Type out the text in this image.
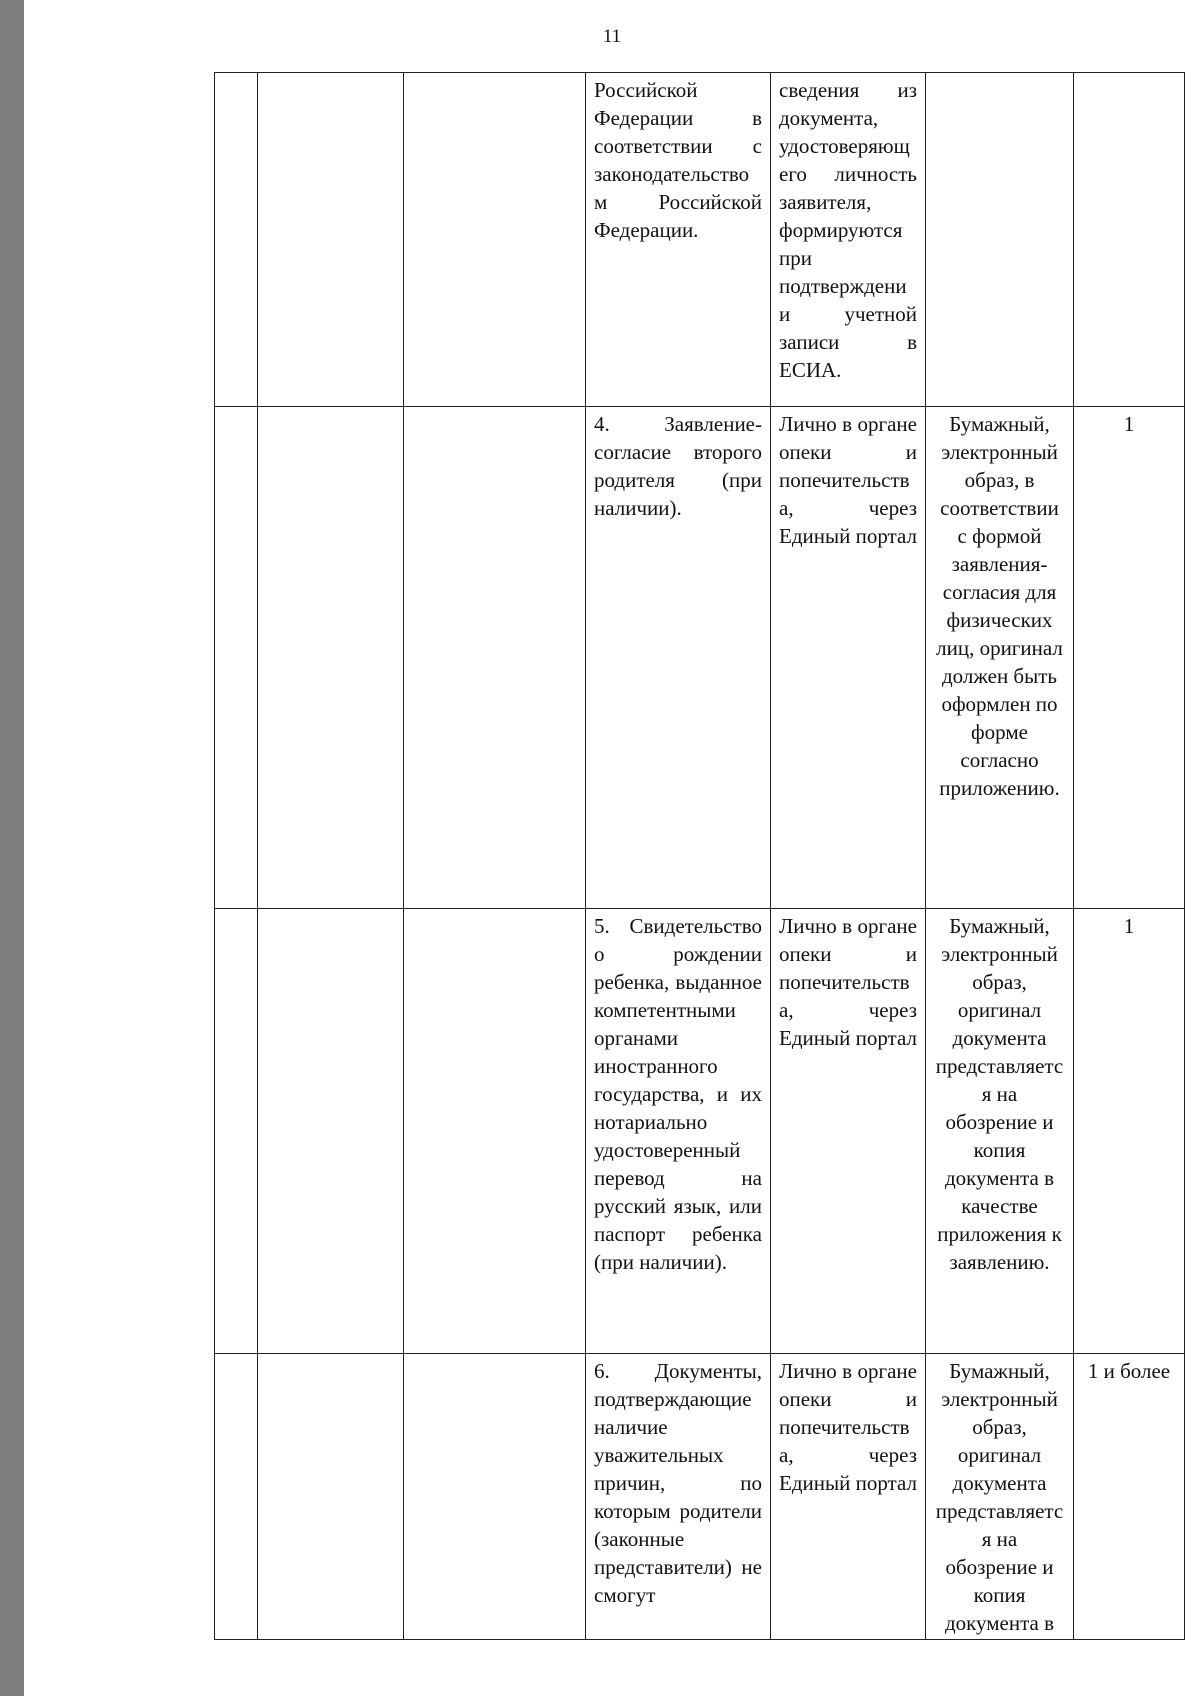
11
			Российской Федерации в соответствии с законодательством Российской Федерации.	сведения из документа, удостоверяющего личность заявителя, формируются при подтверждении учетной записи в ЕСИА.		
			4. Заявление-согласие второго родителя (при наличии).	Лично в органе опеки и попечительства, через Единый портал	Бумажный, электронный образ, в соответствии с формой заявления-согласия для физических лиц, оригинал должен быть оформлен по форме согласно приложению.	1
			5. Свидетельство о рождении ребенка, выданное компетентными органами иностранного государства, и их нотариально удостоверенный перевод на русский язык, или паспорт ребенка (при наличии).	Лично в органе опеки и попечительства, через Единый портал	Бумажный, электронный образ, оригинал документа представляется на обозрение и копия документа в качестве приложения к заявлению.	1
			6. Документы, подтверждающие наличие уважительных причин, по которым родители (законные представители) не смогут	Лично в органе опеки и попечительства, через Единый портал	Бумажный, электронный образ, оригинал документа представляется на обозрение и копия документа в	1 и более
